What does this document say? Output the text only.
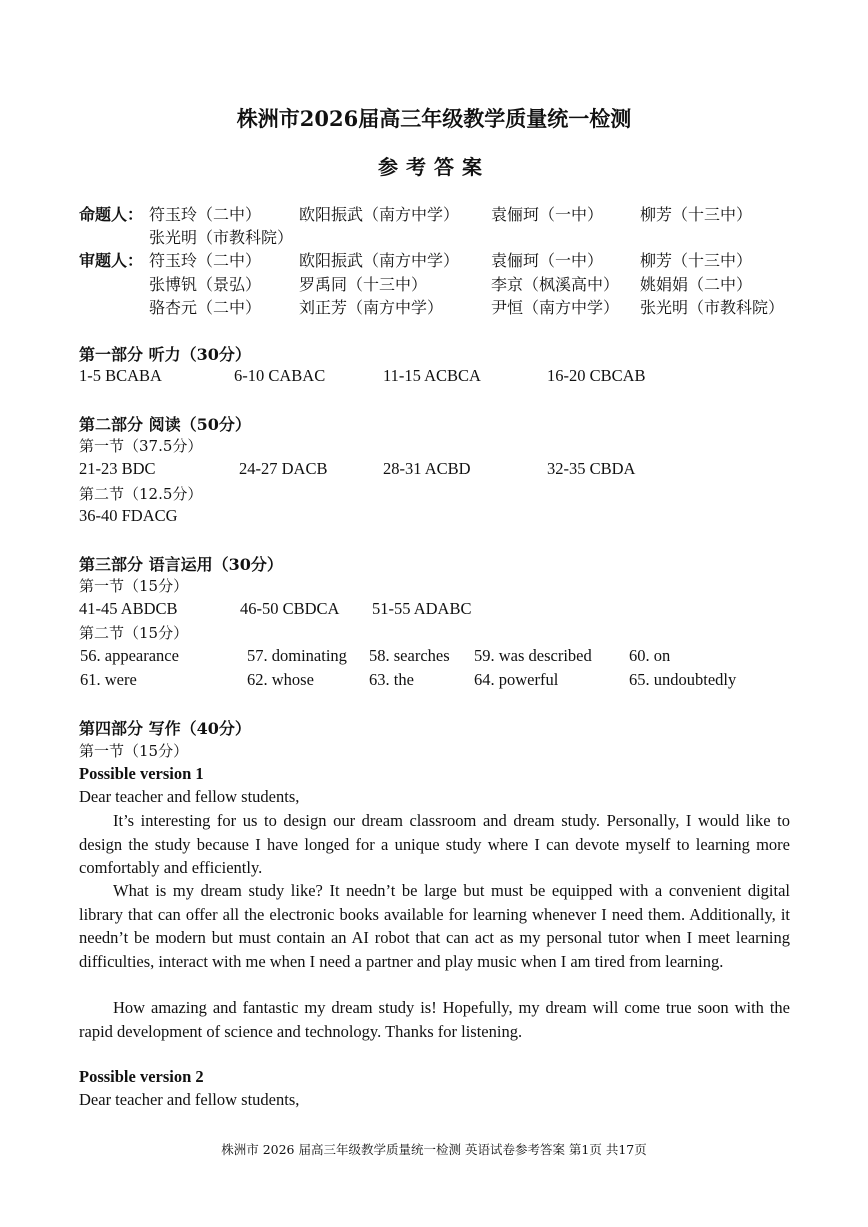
株洲市2026届高三年级教学质量统一检测
参考答案
命题人： 符玉玲（二中） 欧阳振武（南方中学） 袁俪珂（一中） 柳芳（十三中）
张光明（市教科院）
审题人： 符玉玲（二中） 欧阳振武（南方中学） 袁俪珂（一中） 柳芳（十三中）
张博钒（景弘） 罗禹同（十三中）	李京（枫溪高中） 姚娟娟（二中）
骆杏元（二中） 刘正芳（南方中学）	尹恒（南方中学） 张光明（市教科院）
第一部分 听力（30分）
1-5 BCABA	6-10 CABAC	11-15 ACBCA	16-20 CBCAB
第二部分 阅读（50分）
第一节（37.5分）
21-23 BDC	24-27 DACB	28-31 ACBD	32-35 CBDA
第二节（12.5分）
36-40 FDACG
第三部分 语言运用（30分）
第一节（15分）
41-45 ABDCB	46-50 CBDCA 51-55 ADABC
第二节（15分）
56. appearance	57. dominating 58. searches 59. was described 60. on
61. were	62. whose	63. the	64. powerful	65. undoubtedly
第四部分 写作（40分）
第一节（15分）
Possible version 1
Dear teacher and fellow students,

It’s interesting for us to design our dream classroom and dream study. Personally, I would like to design the study because I have longed for a unique study where I can devote myself to learning more comfortably and efficiently.

What is my dream study like? It needn’t be large but must be equipped with a convenient digital library that can offer all the electronic books available for learning whenever I need them. Additionally, it needn’t be modern but must contain an AI robot that can act as my personal tutor when I meet learning difficulties, interact with me when I need a partner and play music when I am tired from learning.

How amazing and fantastic my dream study is! Hopefully, my dream will come true soon with the rapid development of science and technology. Thanks for listening.

Possible version 2
Dear teacher and fellow students,
株洲市 2026 届高三年级教学质量统一检测 英语试卷参考答案 第1页 共17页
